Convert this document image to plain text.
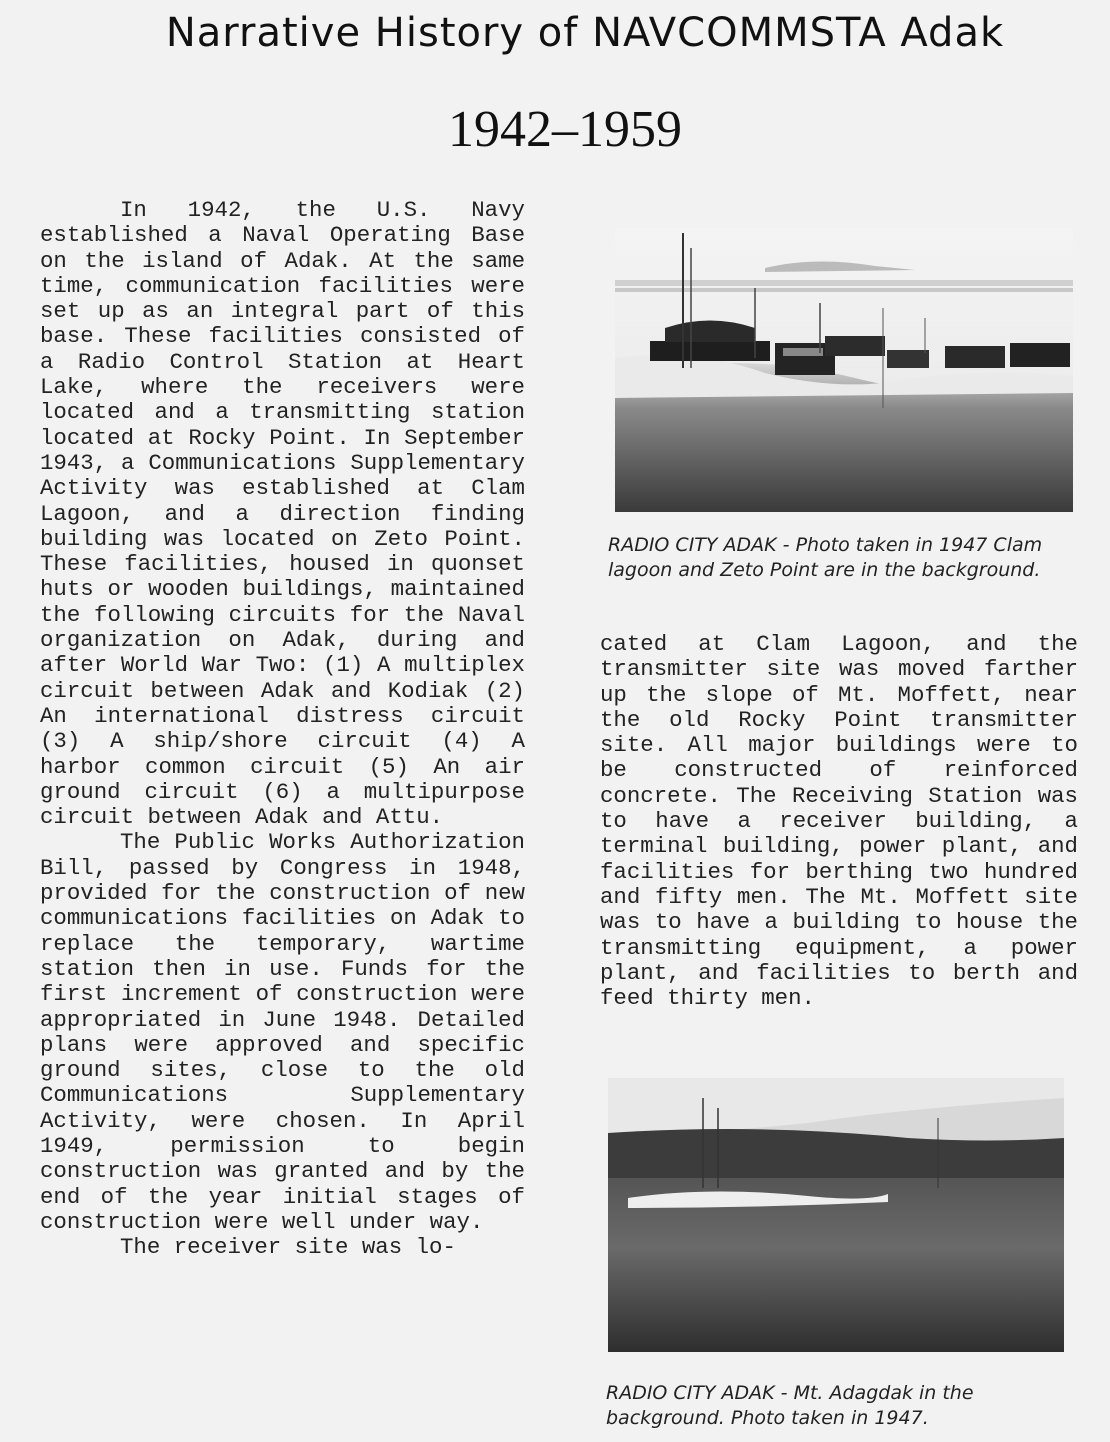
Narrative History of NAVCOMMSTA Adak
1942–1959

In 1942, the U.S. Navy established a Naval Operating Base on the island of Adak. At the same time, communication facilities were set up as an integral part of this base. These facilities consisted of a Radio Control Station at Heart Lake, where the receivers were located and a transmitting station located at Rocky Point. In September 1943, a Communications Supplementary Activity was established at Clam Lagoon, and a direction finding building was located on Zeto Point. These facilities, housed in quonset huts or wooden buildings, maintained the following circuits for the Naval organization on Adak, during and after World War Two: (1) A multiplex circuit between Adak and Kodiak (2) An international distress circuit (3) A ship/shore circuit (4) A harbor common circuit (5) An air ground circuit (6) a multipurpose circuit between Adak and Attu.

The Public Works Authorization Bill, passed by Congress in 1948, provided for the construction of new communications facilities on Adak to replace the temporary, wartime station then in use. Funds for the first increment of construction were appropriated in June 1948. Detailed plans were approved and specific ground sites, close to the old Communications Supplementary Activity, were chosen. In April 1949, permission to begin construction was granted and by the end of the year initial stages of construction were well under way.

The receiver site was lo-

RADIO CITY ADAK - Photo taken in 1947 Clam lagoon and Zeto Point are in the background.

cated at Clam Lagoon, and the transmitter site was moved farther up the slope of Mt. Moffett, near the old Rocky Point transmitter site. All major buildings were to be constructed of reinforced concrete. The Receiving Station was to have a receiver building, a terminal building, power plant, and facilities for berthing two hundred and fifty men. The Mt. Moffett site was to have a building to house the transmitting equipment, a power plant, and facilities to berth and feed thirty men.

RADIO CITY ADAK - Mt. Adagdak in the background. Photo taken in 1947.
